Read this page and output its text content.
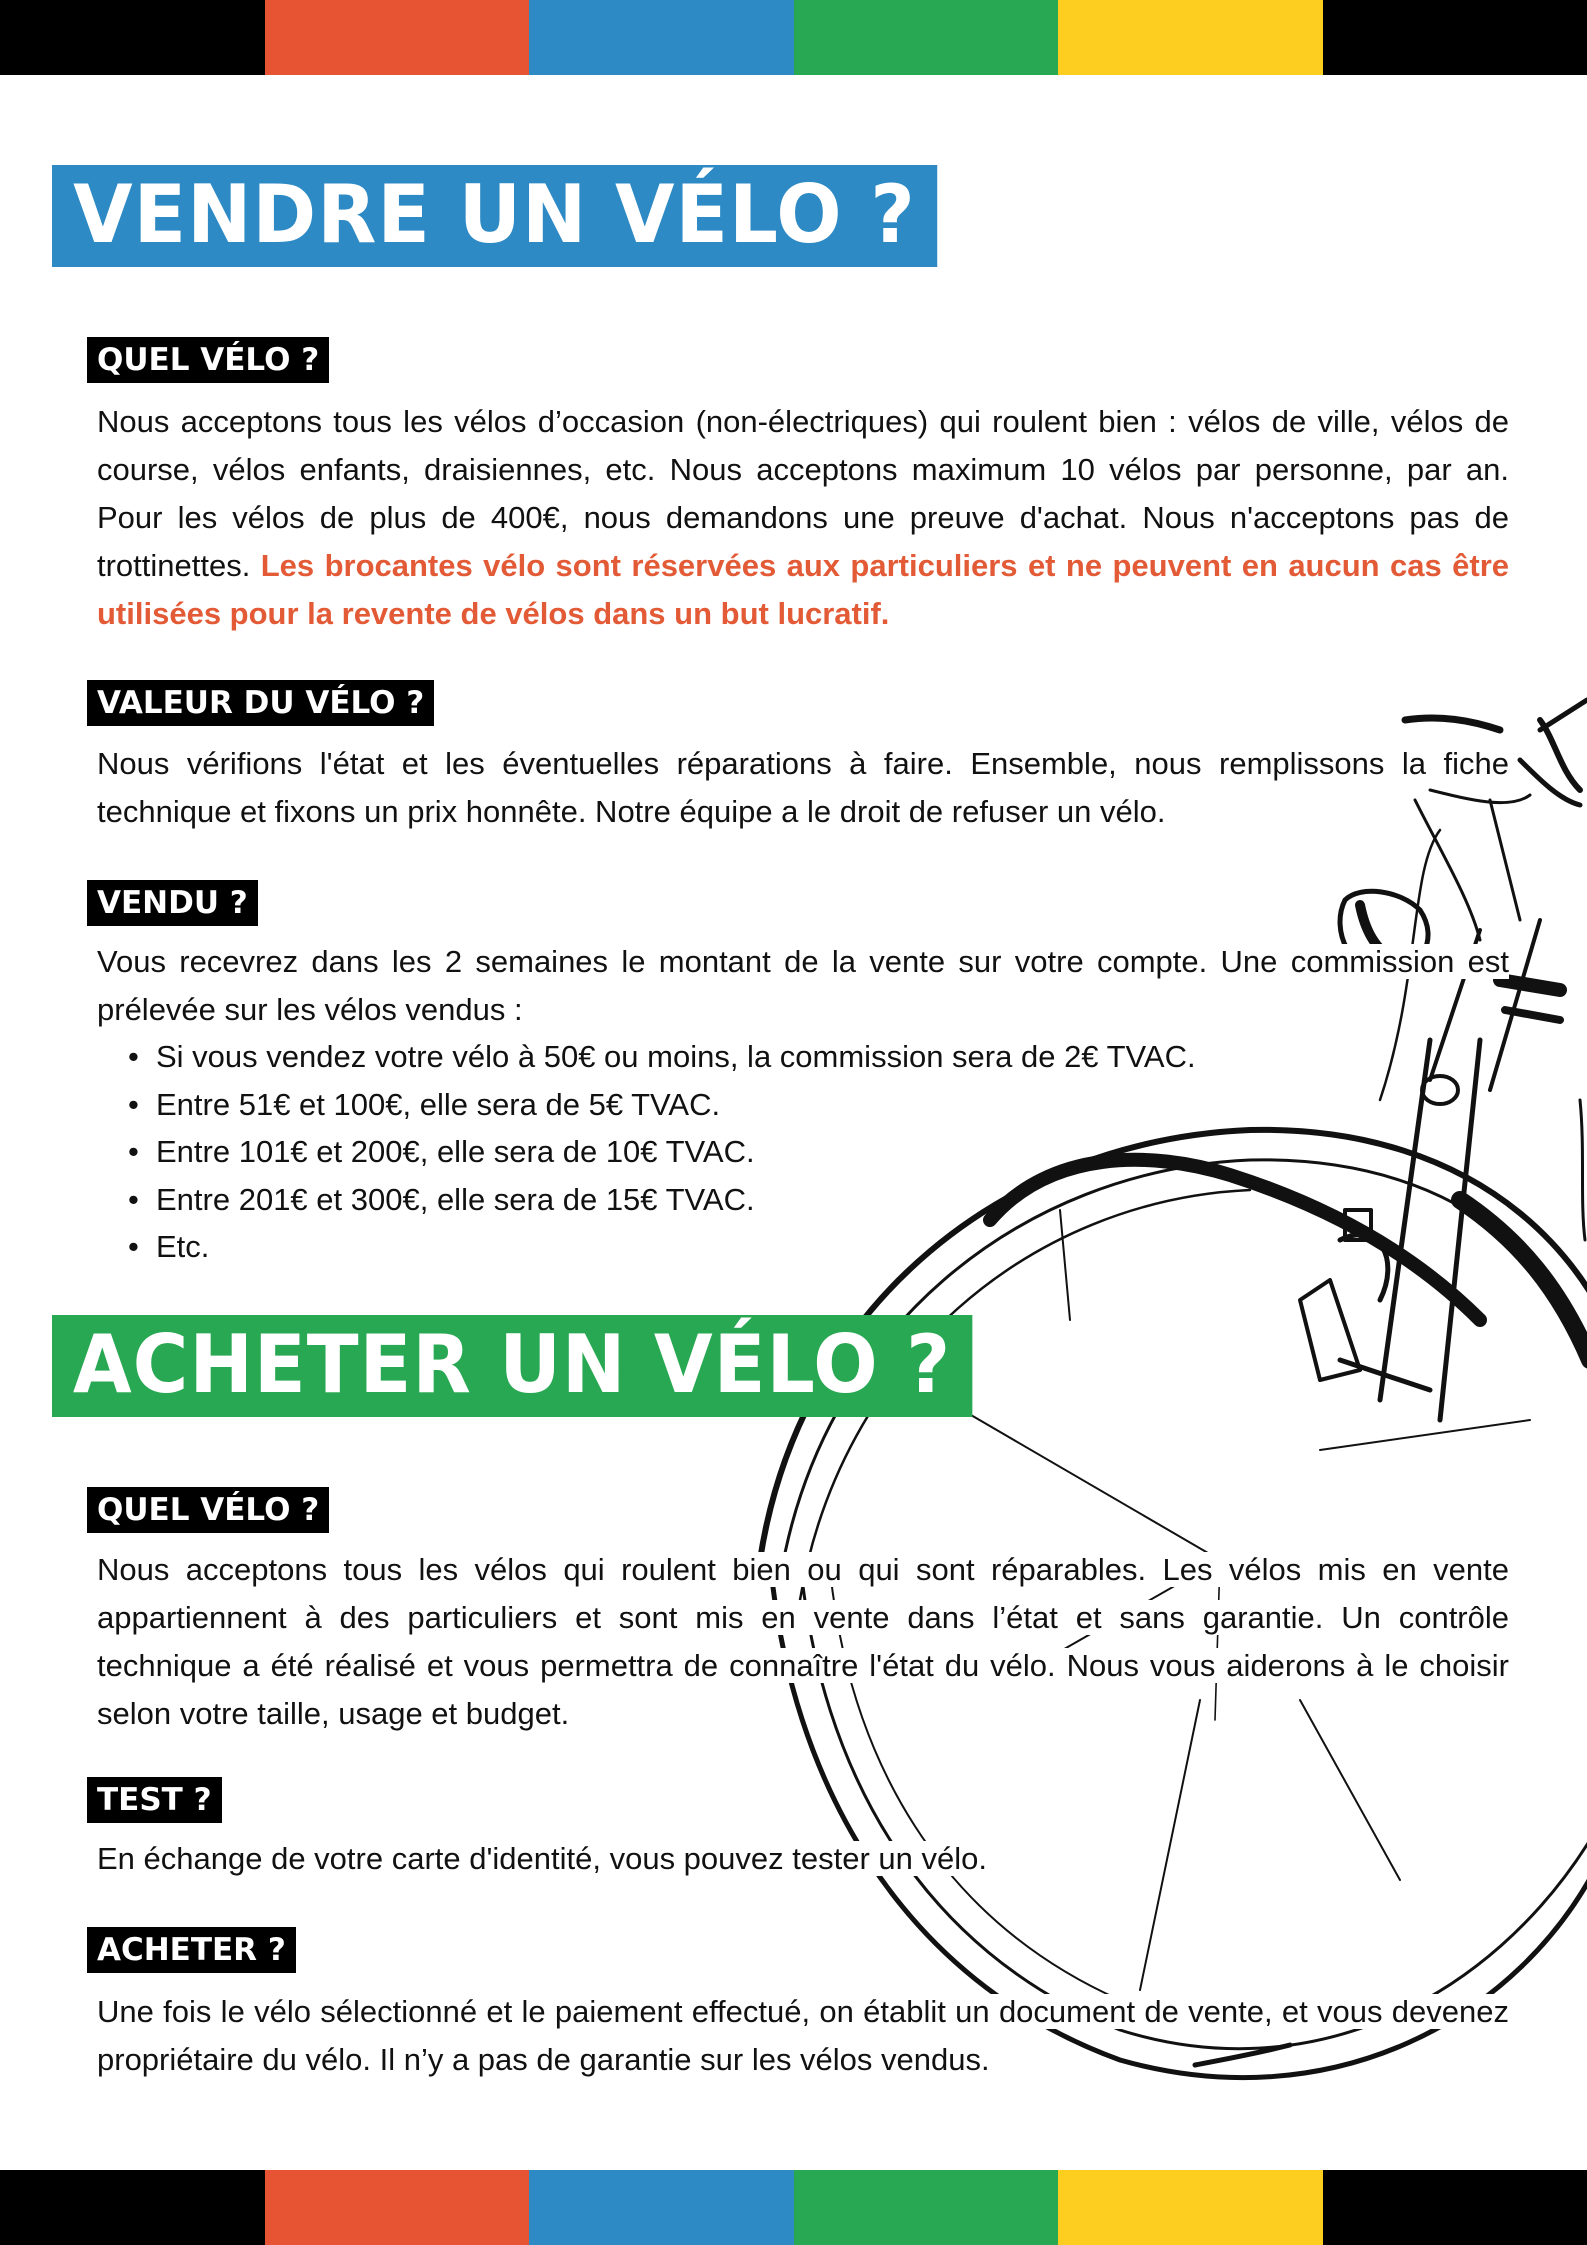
VENDRE UN VÉLO ?
QUEL VÉLO ?
Nous acceptons tous les vélos d’occasion (non-électriques) qui roulent bien : vélos de ville, vélos de course, vélos enfants, draisiennes, etc. Nous acceptons maximum 10 vélos par personne, par an. Pour les vélos de plus de 400€, nous demandons une preuve d'achat. Nous n'acceptons pas de trottinettes. Les brocantes vélo sont réservées aux particuliers et ne peuvent en aucun cas être utilisées pour la revente de vélos dans un but lucratif.
VALEUR DU VÉLO ?
Nous vérifions l'état et les éventuelles réparations à faire. Ensemble, nous remplissons la fiche technique et fixons un prix honnête. Notre équipe a le droit de refuser un vélo.
VENDU ?
Vous recevrez dans les 2 semaines le montant de la vente sur votre compte. Une commission est prélevée sur les vélos vendus :
• Si vous vendez votre vélo à 50€ ou moins, la commission sera de 2€ TVAC.
• Entre 51€ et 100€, elle sera de 5€ TVAC.
• Entre 101€ et 200€, elle sera de 10€ TVAC.
• Entre 201€ et 300€, elle sera de 15€ TVAC.
• Etc.
ACHETER UN VÉLO ?
QUEL VÉLO ?
Nous acceptons tous les vélos qui roulent bien ou qui sont réparables. Les vélos mis en vente appartiennent à des particuliers et sont mis en vente dans l’état et sans garantie. Un contrôle technique a été réalisé et vous permettra de connaître l'état du vélo. Nous vous aiderons à le choisir selon votre taille, usage et budget.
TEST ?
En échange de votre carte d'identité, vous pouvez tester un vélo.
ACHETER ?
Une fois le vélo sélectionné et le paiement effectué, on établit un document de vente, et vous devenez propriétaire du vélo. Il n’y a pas de garantie sur les vélos vendus.
